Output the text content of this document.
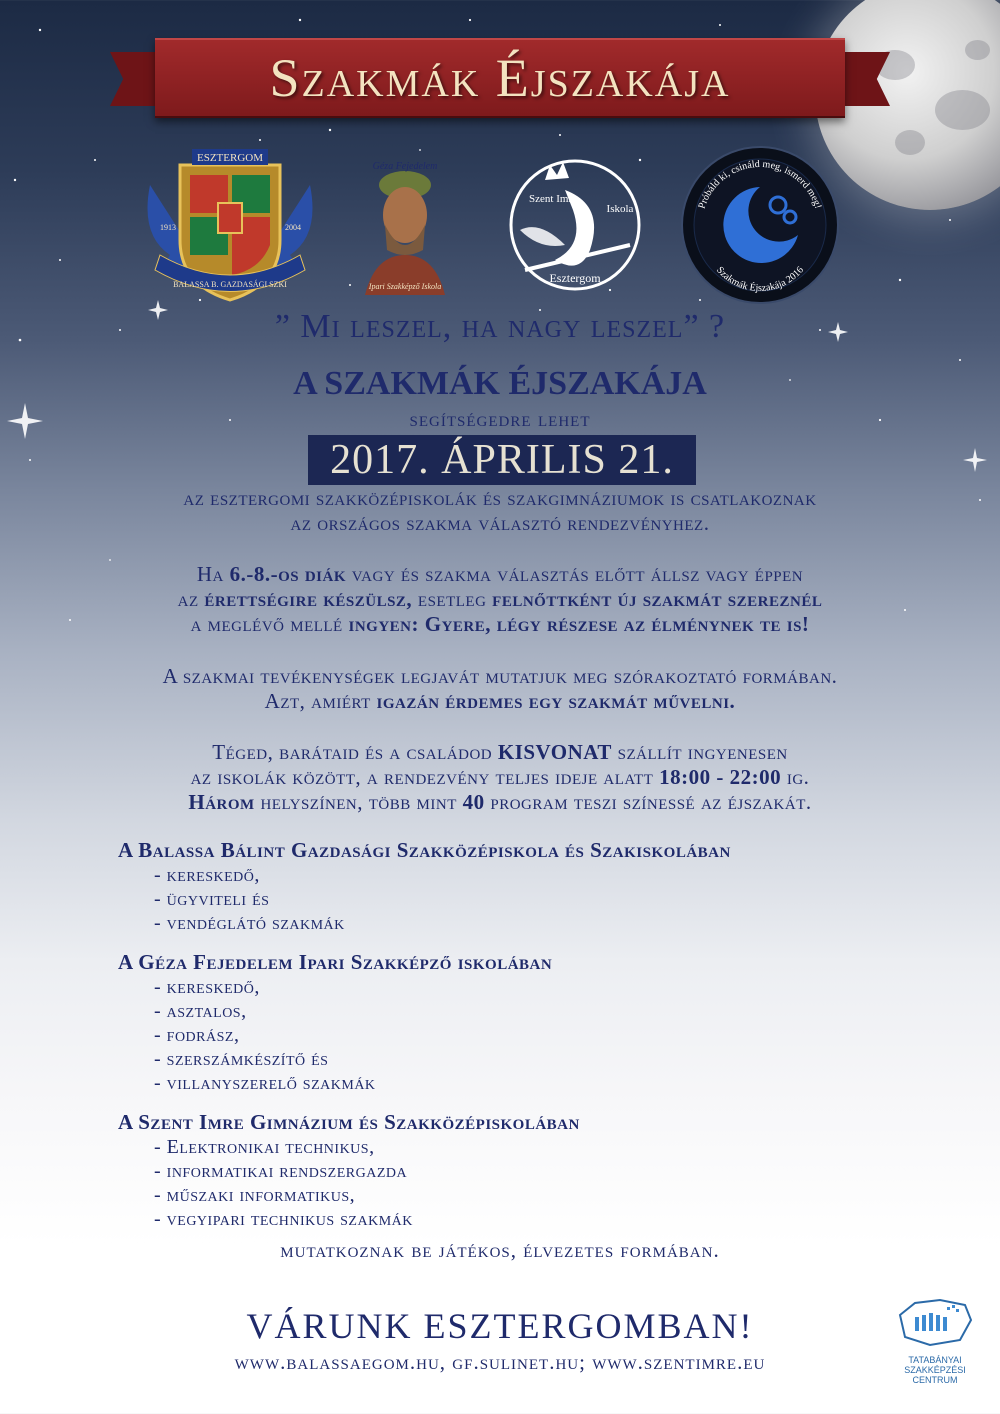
Szakmák Éjszakája
ESZTERGOM
1913	2004
BALASSA B. GAZDASÁGI SZKI
Géza Fejedelem
Ipari Szakképző Iskola
Szent Imre
Iskola
Esztergom
Próbáld ki, csináld meg, ismerd meg!
Szakmák Éjszakája 2016
” Mi leszel, ha nagy leszel” ?
A SZAKMÁK ÉJSZAKÁJA
segítségedre lehet
2017. ÁPRILIS 21.
az esztergomi szakközépiskolák és szakgimnáziumok is csatlakoznak
az országos szakma választó rendezvényhez.
Ha 6.-8.-os diák vagy és szakma választás előtt állsz vagy éppen
az érettségire készülsz, esetleg felnőttként új szakmát szereznél
a meglévő mellé ingyen: Gyere, légy részese az élménynek te is!
A szakmai tevékenységek legjavát mutatjuk meg szórakoztató formában.
Azt, amiért igazán érdemes egy szakmát művelni.
Téged, barátaid és a családod KISVONAT szállít ingyenesen
az iskolák között, a rendezvény teljes ideje alatt 18:00 - 22:00 ig.
Három helyszínen, több mint 40 program teszi színessé az éjszakát.
A Balassa Bálint Gazdasági Szakközépiskola és Szakiskolában
- kereskedő,
- ügyviteli és
- vendéglátó szakmák
A Géza Fejedelem Ipari Szakképző iskolában
- kereskedő,
- asztalos,
- fodrász,
- szerszámkészítő és
- villanyszerelő szakmák
A Szent Imre Gimnázium és Szakközépiskolában
- Elektronikai technikus,
- informatikai rendszergazda
- műszaki informatikus,
- vegyipari technikus szakmák
mutatkoznak be játékos, élvezetes formában.
VÁRUNK ESZTERGOMBAN!
www.balassaegom.hu, gf.sulinet.hu; www.szentimre.eu	TATABÁNYAI
SZAKKÉPZÉSI
CENTRUM
